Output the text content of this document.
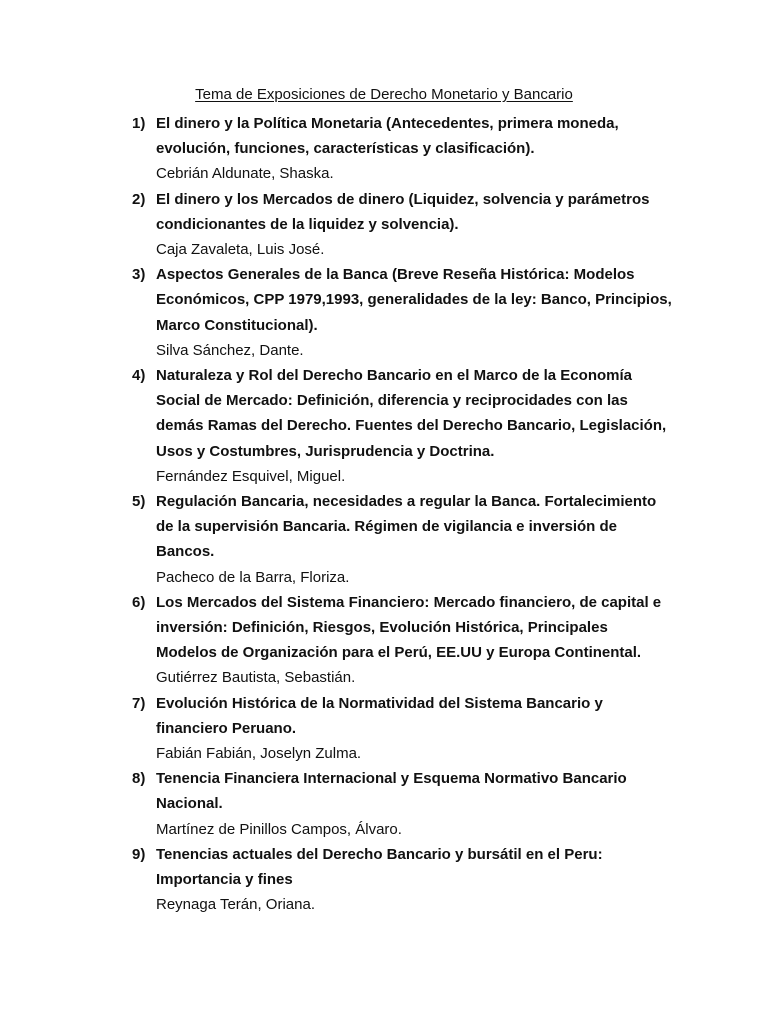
Tema de Exposiciones de Derecho Monetario y Bancario
1) El dinero y la Política Monetaria (Antecedentes, primera moneda, evolución, funciones, características y clasificación).
Cebrián Aldunate, Shaska.
2) El dinero y los Mercados de dinero (Liquidez, solvencia y parámetros condicionantes de la liquidez y solvencia).
Caja Zavaleta, Luis José.
3) Aspectos Generales de la Banca (Breve Reseña Histórica: Modelos Económicos, CPP 1979,1993, generalidades de la ley: Banco, Principios, Marco Constitucional).
Silva Sánchez, Dante.
4) Naturaleza y Rol del Derecho Bancario en el Marco de la Economía Social de Mercado: Definición, diferencia y reciprocidades con las demás Ramas del Derecho. Fuentes del Derecho Bancario, Legislación, Usos y Costumbres, Jurisprudencia y Doctrina.
Fernández Esquivel, Miguel.
5) Regulación Bancaria, necesidades a regular la Banca. Fortalecimiento de la supervisión Bancaria. Régimen de vigilancia e inversión de Bancos.
Pacheco de la Barra, Floriza.
6) Los Mercados del Sistema Financiero: Mercado financiero, de capital e inversión: Definición, Riesgos, Evolución Histórica, Principales Modelos de Organización para el Perú, EE.UU y Europa Continental.
Gutiérrez Bautista, Sebastián.
7) Evolución Histórica de la Normatividad del Sistema Bancario y financiero Peruano.
Fabián Fabián, Joselyn Zulma.
8) Tenencia Financiera Internacional y Esquema Normativo Bancario Nacional.
Martínez de Pinillos Campos, Álvaro.
9) Tenencias actuales del Derecho Bancario y bursátil en el Peru: Importancia y fines
Reynaga Terán, Oriana.
